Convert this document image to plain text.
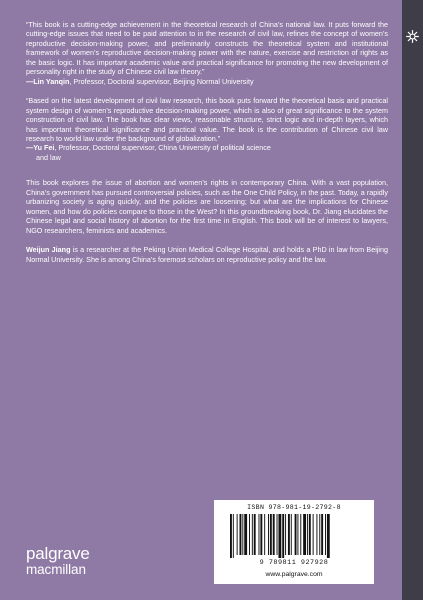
“This book is a cutting-edge achievement in the theoretical research of China’s national law. It puts forward the cutting-edge issues that need to be paid attention to in the research of civil law, refines the concept of women’s reproductive decision-making power, and preliminarily constructs the theoretical system and institutional framework of women’s reproductive decision-making power with the nature, exercise and restriction of rights as the basic logic. It has important academic value and practical significance for promoting the new development of personality right in the study of Chinese civil law theory.”

—Lin Yanqin, Professor, Doctoral supervisor, Beijing Normal University

“Based on the latest development of civil law research, this book puts forward the theoretical basis and practical system design of women’s reproductive decision-making power, which is also of great significance to the system construction of civil law. The book has clear views, reasonable structure, strict logic and in-depth layers, which has important theoretical significance and practical value. The book is the contribution of Chinese civil law research to world law under the background of globalization.”

—Yu Fei, Professor, Doctoral supervisor, China University of political science

and law

This book explores the issue of abortion and women’s rights in contemporary China. With a vast population, China’s government has pursued controversial policies, such as the One Child Policy, in the past. Today, a rapidly urbanizing society is aging quickly, and the policies are loosening; but what are the implications for Chinese women, and how do policies compare to those in the West? In this groundbreaking book, Dr. Jiang elucidates the Chinese legal and social history of abortion for the first time in English. This book will be of interest to lawyers, NGO researchers, feminists and academics.

Weijun Jiang is a researcher at the Peking Union Medical College Hospital, and holds a PhD in law from Beijing Normal University. She is among China’s foremost scholars on reproductive policy and the law.

ISBN 978-981-19-2792-8
9 789811 927928
www.palgrave.com
palgrave
macmillan
